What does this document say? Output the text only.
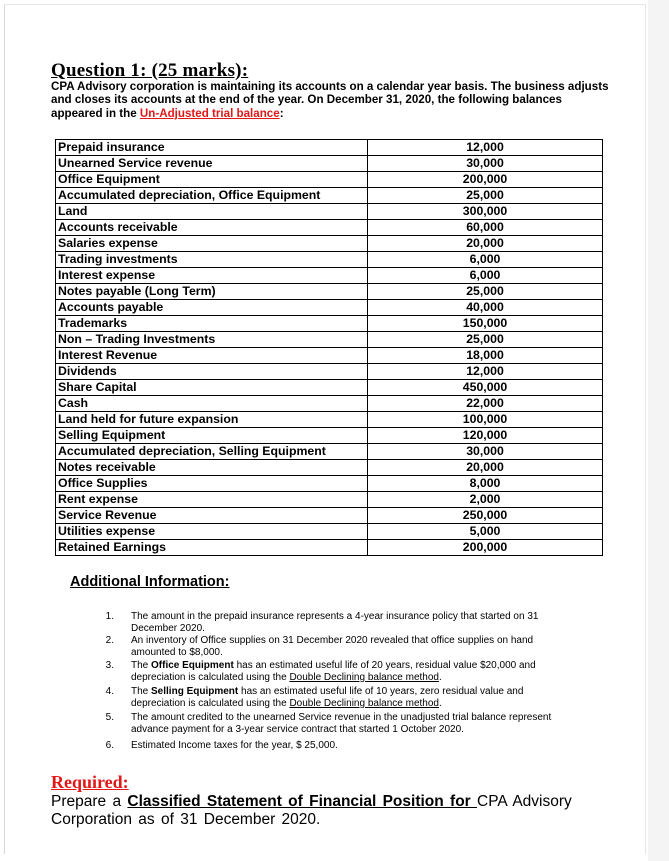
Question 1: (25 marks):
CPA Advisory corporation is maintaining its accounts on a calendar year basis. The business adjusts and closes its accounts at the end of the year. On December 31, 2020, the following balances appeared in the Un-Adjusted trial balance:
Prepaid insurance	12,000
Unearned Service revenue	30,000
Office Equipment	200,000
Accumulated depreciation, Office Equipment	25,000
Land	300,000
Accounts receivable	60,000
Salaries expense	20,000
Trading investments	6,000
Interest expense	6,000
Notes payable (Long Term)	25,000
Accounts payable	40,000
Trademarks	150,000
Non – Trading Investments	25,000
Interest Revenue	18,000
Dividends	12,000
Share Capital	450,000
Cash	22,000
Land held for future expansion	100,000
Selling Equipment	120,000
Accumulated depreciation, Selling Equipment	30,000
Notes receivable	20,000
Office Supplies	8,000
Rent expense	2,000
Service Revenue	250,000
Utilities expense	5,000
Retained Earnings	200,000
Additional Information:
1. The amount in the prepaid insurance represents a 4-year insurance policy that started on 31 December 2020.
2. An inventory of Office supplies on 31 December 2020 revealed that office supplies on hand amounted to $8,000.
3. The Office Equipment has an estimated useful life of 20 years, residual value $20,000 and depreciation is calculated using the Double Declining balance method.
4. The Selling Equipment has an estimated useful life of 10 years, zero residual value and depreciation is calculated using the Double Declining balance method.
5. The amount credited to the unearned Service revenue in the unadjusted trial balance represent advance payment for a 3-year service contract that started 1 October 2020.
6. Estimated Income taxes for the year, $ 25,000.
Required:
Prepare a Classified Statement of Financial Position for CPA Advisory Corporation as of 31 December 2020.
